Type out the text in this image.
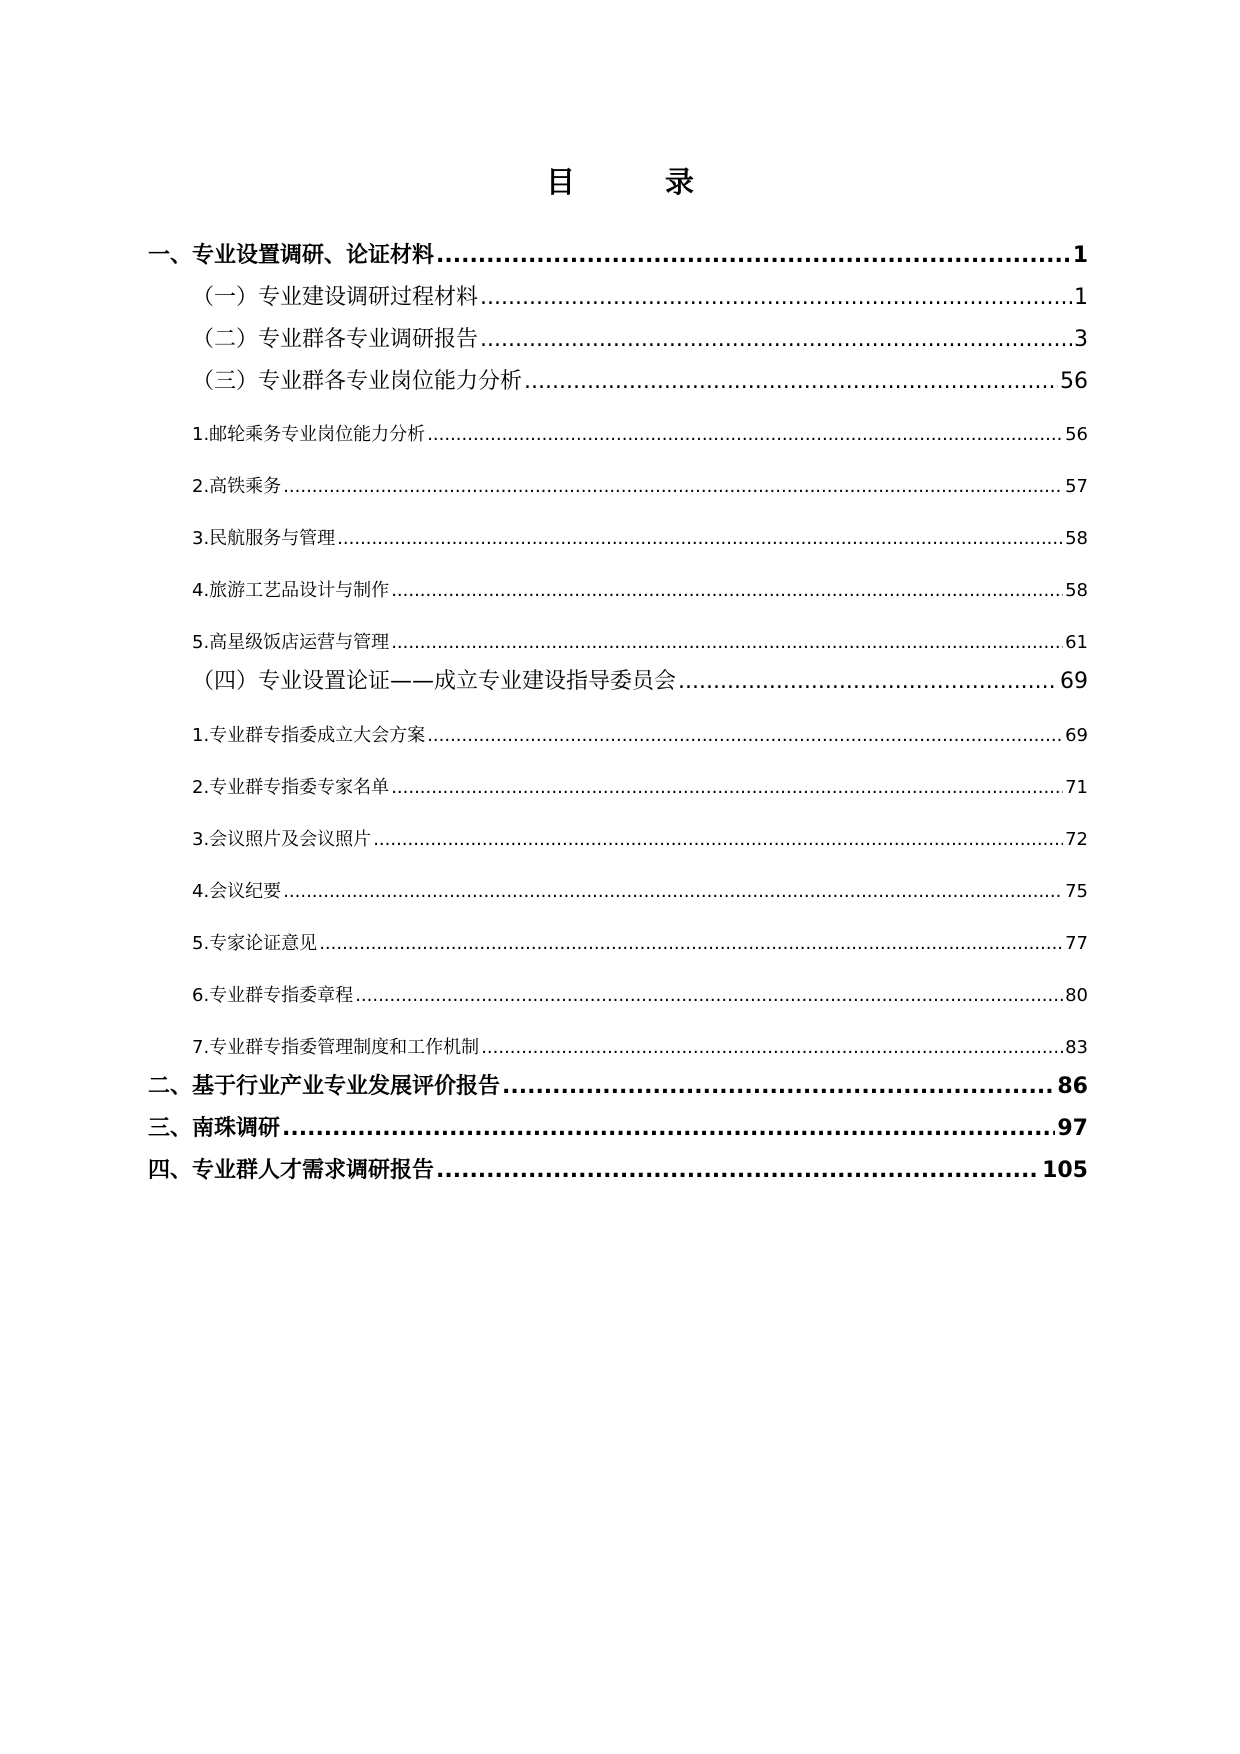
目 录
一、专业设置调研、论证材料 .....	1
（一）专业建设调研过程材料 .....	1
（二）专业群各专业调研报告 .....	3
（三）专业群各专业岗位能力分析 .....	56
1.邮轮乘务专业岗位能力分析 .....	56
2.高铁乘务 .....	57
3.民航服务与管理 .....	58
4.旅游工艺品设计与制作 .....	58
5.高星级饭店运营与管理 .....	61
（四）专业设置论证——成立专业建设指导委员会 .....	69
1.专业群专指委成立大会方案 .....	69
2.专业群专指委专家名单 .....	71
3.会议照片及会议照片 .....	72
4.会议纪要 .....	75
5.专家论证意见 .....	77
6.专业群专指委章程 .....	80
7.专业群专指委管理制度和工作机制 .....	83
二、基于行业产业专业发展评价报告 .....	86
三、南珠调研 .....	97
四、专业群人才需求调研报告 .....	105
